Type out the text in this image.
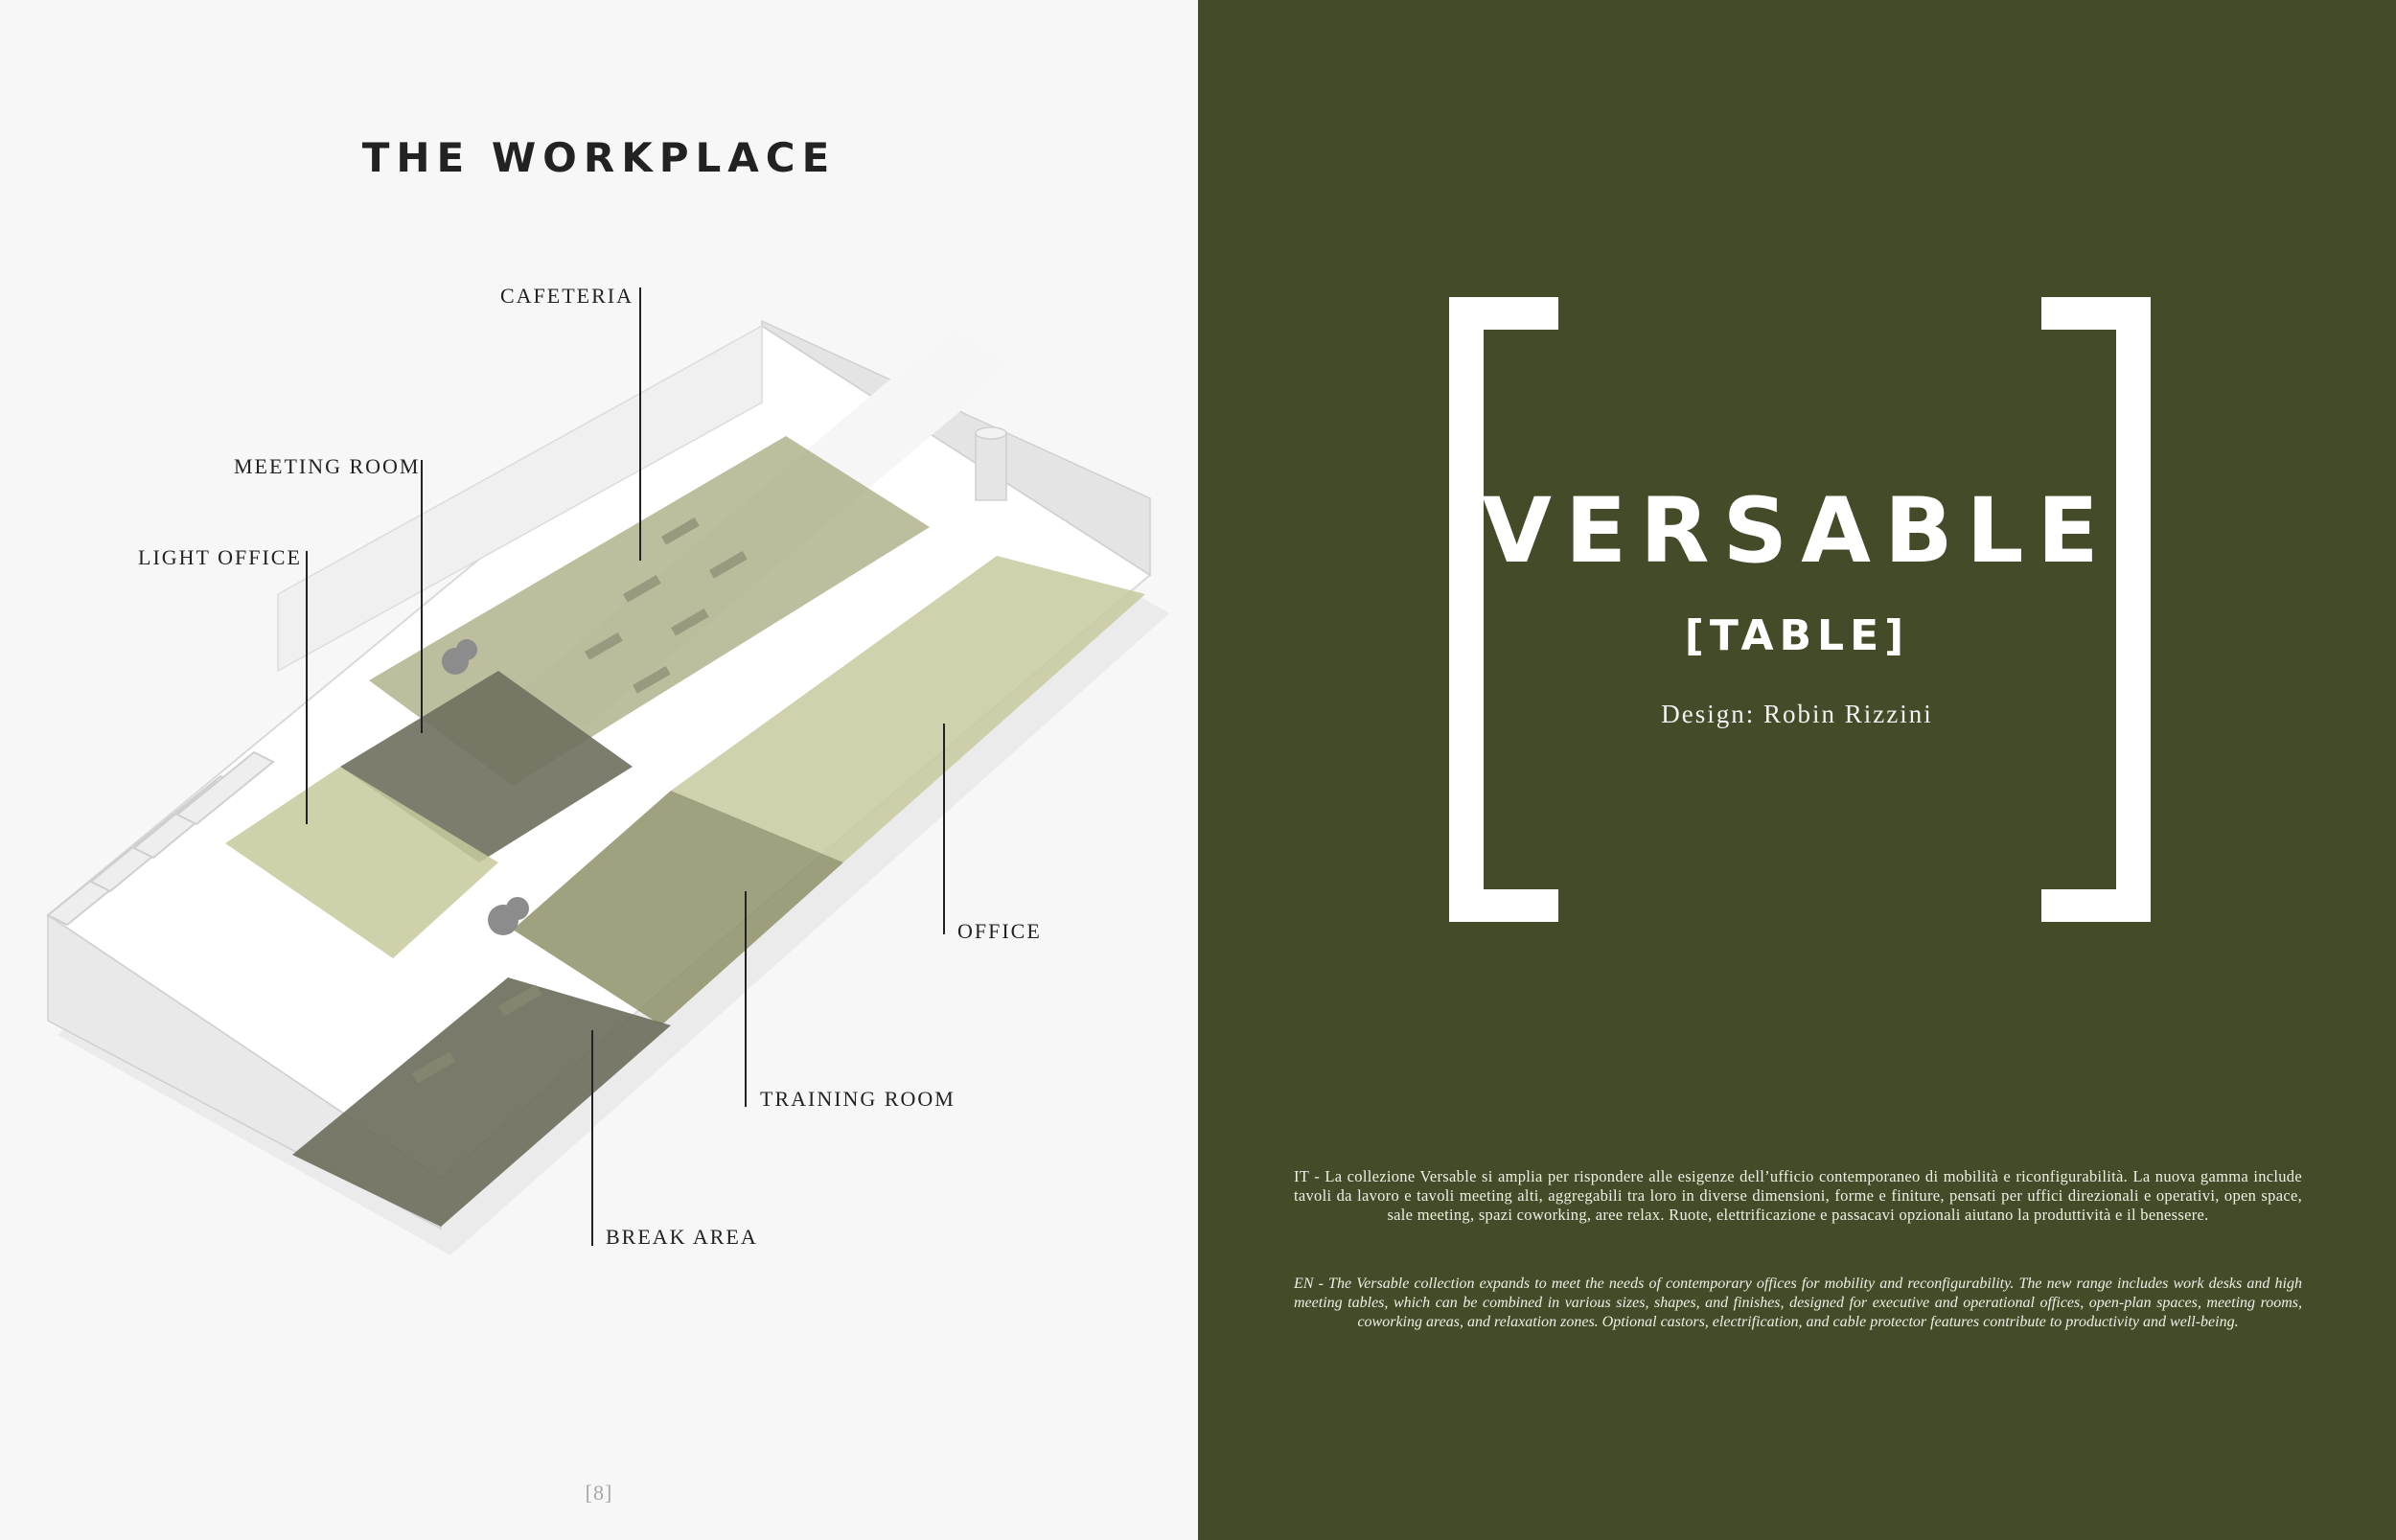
THE WORKPLACE
CAFETERIA
MEETING ROOM
LIGHT OFFICE
OFFICE
TRAINING ROOM
BREAK AREA
[8]
VERSABLE
[TABLE]
Design: Robin Rizzini
IT - La collezione Versable si amplia per rispondere alle esigenze dell’ufficio contemporaneo di mobilità e riconfigurabilità. La nuova gamma include tavoli da lavoro e tavoli meeting alti, aggregabili tra loro in diverse dimensioni, forme e finiture, pensati per uffici direzionali e operativi, open space, sale meeting, spazi coworking, aree relax. Ruote, elettrificazione e passacavi opzionali aiutano la produttività e il benessere.
EN - The Versable collection expands to meet the needs of contemporary offices for mobility and reconfigurability. The new range includes work desks and high meeting tables, which can be combined in various sizes, shapes, and finishes, designed for executive and operational offices, open-plan spaces, meeting rooms, coworking areas, and relaxation zones. Optional castors, electrification, and cable protector features contribute to productivity and well-being.
